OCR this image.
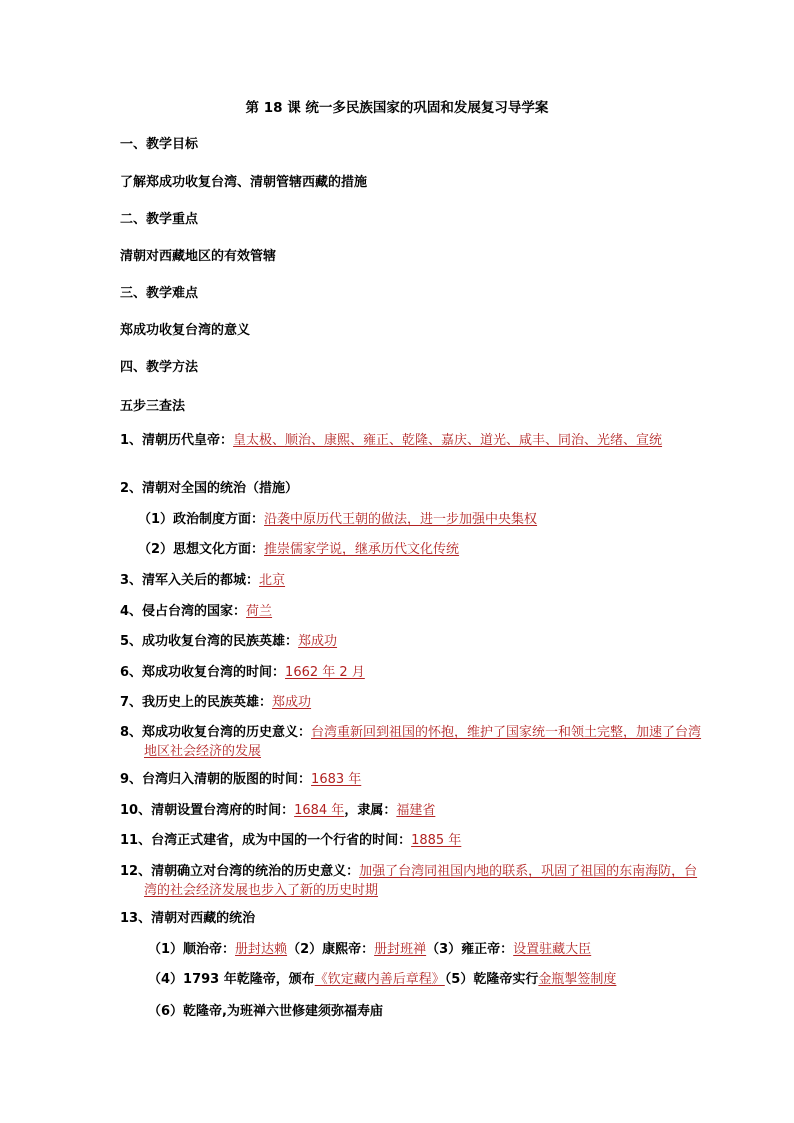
第 18 课 统一多民族国家的巩固和发展复习导学案
一、教学目标
了解郑成功收复台湾、清朝管辖西藏的措施
二、教学重点
清朝对西藏地区的有效管辖
三、教学难点
郑成功收复台湾的意义
四、教学方法
五步三查法
1、清朝历代皇帝：皇太极、顺治、康熙、雍正、乾隆、嘉庆、道光、咸丰、同治、光绪、宣统
2、清朝对全国的统治（措施）
（1）政治制度方面：沿袭中原历代王朝的做法，进一步加强中央集权
（2）思想文化方面：推崇儒家学说，继承历代文化传统
3、清军入关后的都城：北京
4、侵占台湾的国家：荷兰
5、成功收复台湾的民族英雄：郑成功
6、郑成功收复台湾的时间：1662 年 2 月
7、我历史上的民族英雄：郑成功
8、郑成功收复台湾的历史意义：台湾重新回到祖国的怀抱，维护了国家统一和领土完整，加速了台湾地区社会经济的发展
9、台湾归入清朝的版图的时间：1683 年
10、清朝设置台湾府的时间：1684 年，隶属：福建省
11、台湾正式建省，成为中国的一个行省的时间：1885 年
12、清朝确立对台湾的统治的历史意义：加强了台湾同祖国内地的联系，巩固了祖国的东南海防，台湾的社会经济发展也步入了新的历史时期
13、清朝对西藏的统治
（1）顺治帝：册封达赖（2）康熙帝：册封班禅（3）雍正帝：设置驻藏大臣
（4）1793 年乾隆帝，颁布《钦定藏内善后章程》（5）乾隆帝实行金瓶掣签制度
（6）乾隆帝,为班禅六世修建须弥福寿庙
